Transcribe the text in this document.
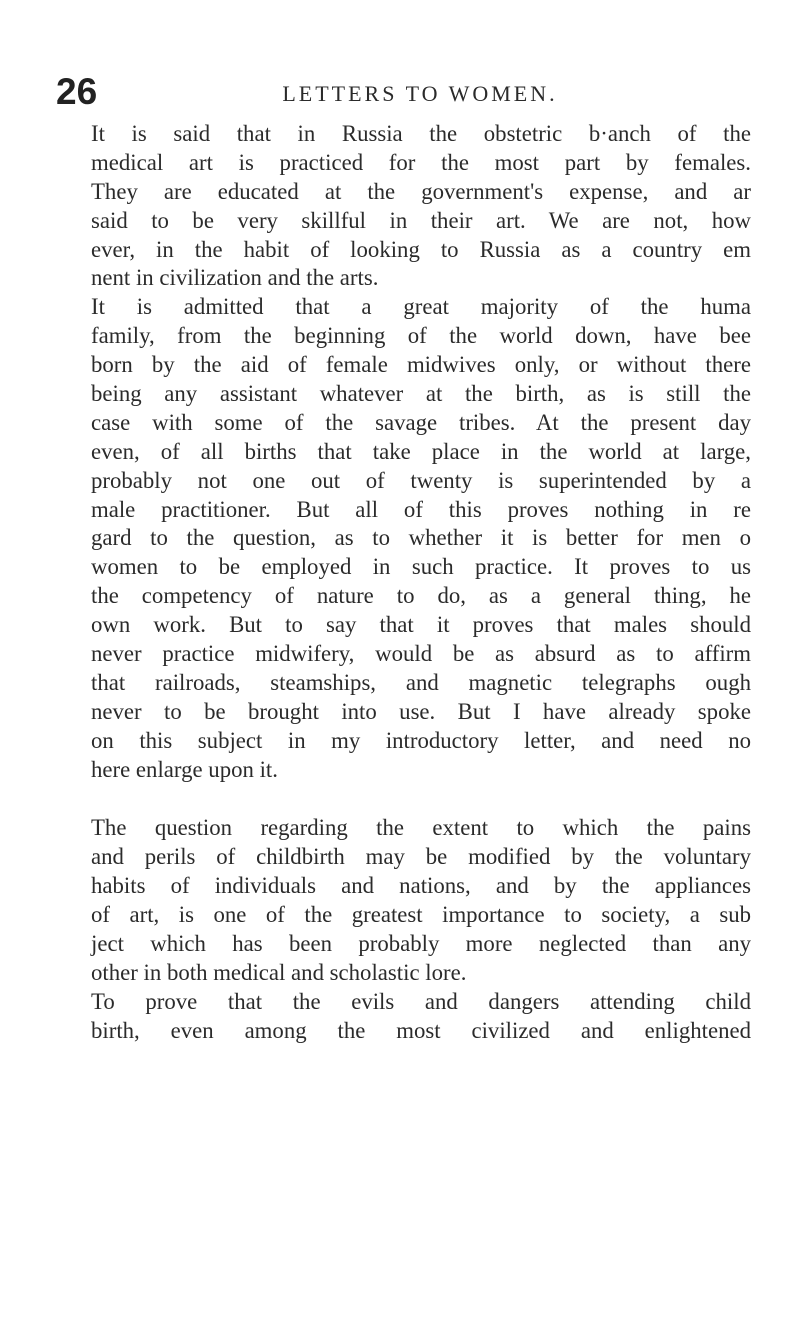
26	LETTERS TO WOMEN.
It is said that in Russia the obstetric b·anch of the
medical art is practiced for the most part by females.
They are educated at the government's expense, and ar
said to be very skillful in their art. We are not, how
ever, in the habit of looking to Russia as a country em
nent in civilization and the arts.
It is admitted that a great majority of the huma
family, from the beginning of the world down, have bee
born by the aid of female midwives only, or without there
being any assistant whatever at the birth, as is still the
case with some of the savage tribes. At the present day
even, of all births that take place in the world at large,
probably not one out of twenty is superintended by a
male practitioner. But all of this proves nothing in re
gard to the question, as to whether it is better for men o
women to be employed in such practice. It proves to us
the competency of nature to do, as a general thing, he
own work. But to say that it proves that males should
never practice midwifery, would be as absurd as to affirm
that railroads, steamships, and magnetic telegraphs ough
never to be brought into use. But I have already spoke
on this subject in my introductory letter, and need no
here enlarge upon it.
The question regarding the extent to which the pains
and perils of childbirth may be modified by the voluntary
habits of individuals and nations, and by the appliances
of art, is one of the greatest importance to society, a sub
ject which has been probably more neglected than any
other in both medical and scholastic lore.
To prove that the evils and dangers attending child
birth, even among the most civilized and enlightened
